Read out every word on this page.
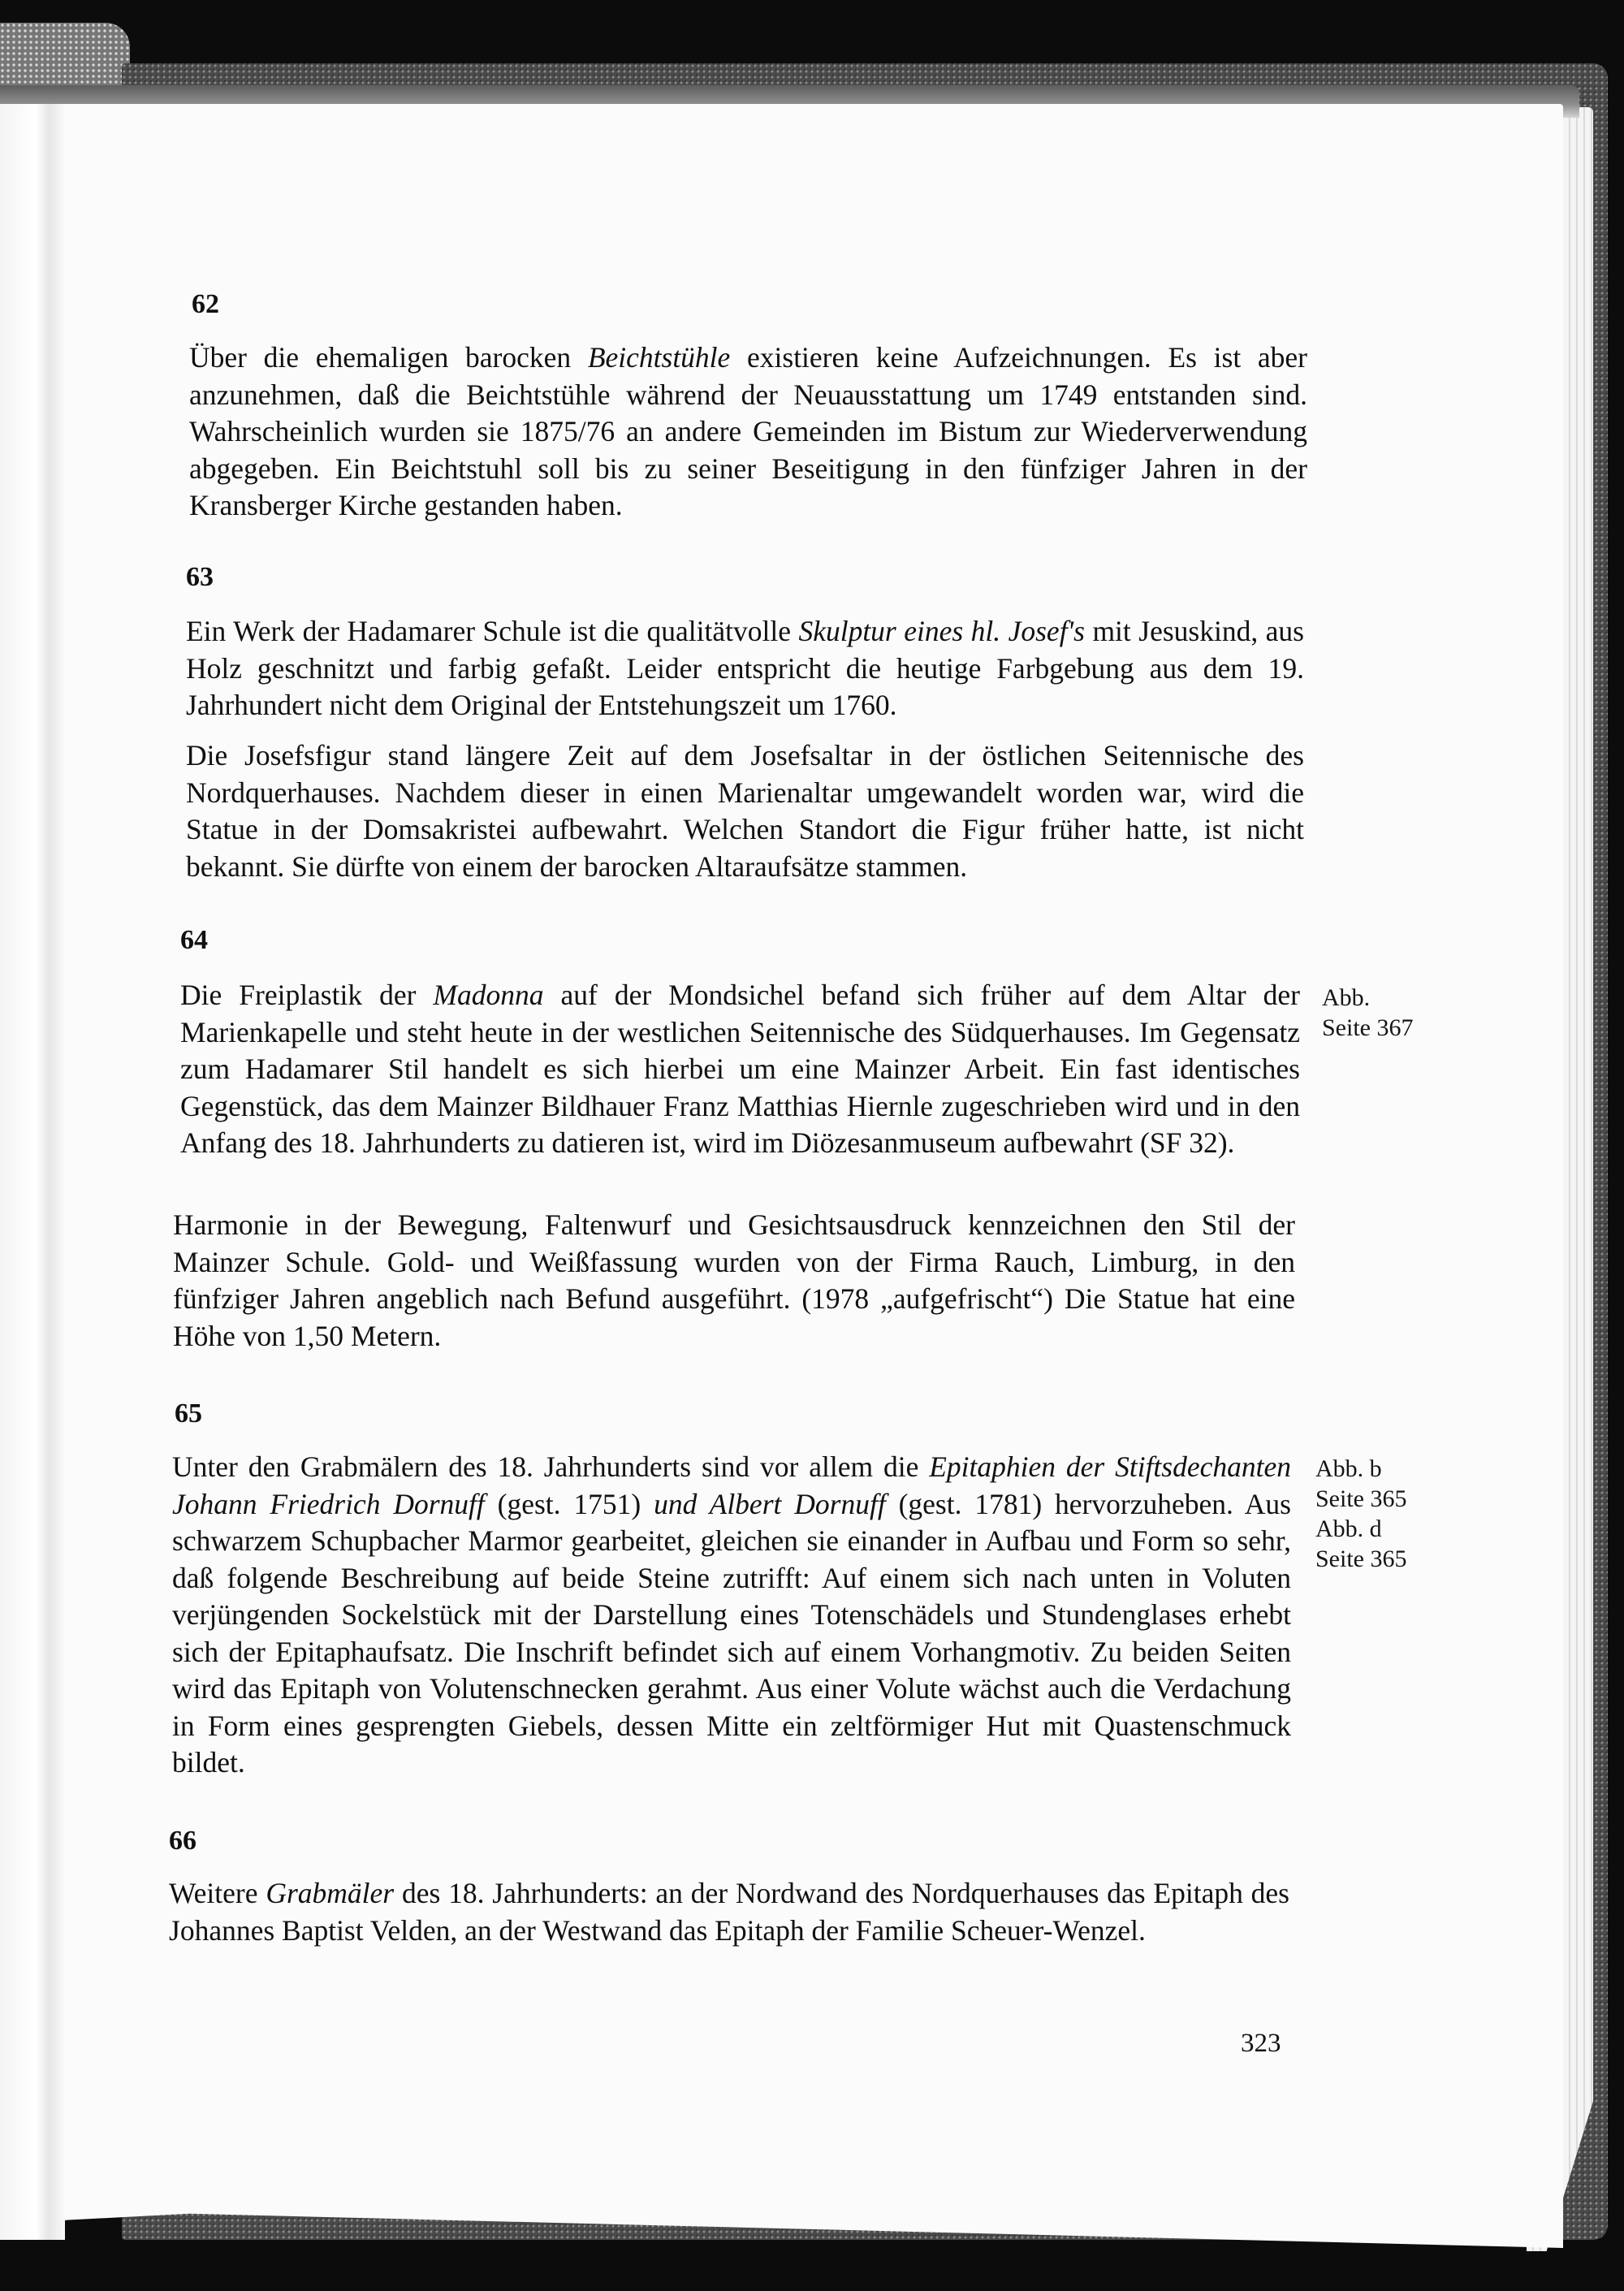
62
Über die ehemaligen barocken Beichtstühle existieren keine Aufzeichnungen. Es ist aber anzunehmen, daß die Beichtstühle während der Neuausstattung um 1749 entstanden sind. Wahrscheinlich wurden sie 1875/76 an andere Gemeinden im Bistum zur Wiederverwendung abgegeben. Ein Beichtstuhl soll bis zu seiner Beseitigung in den fünfziger Jahren in der Kransberger Kirche gestanden haben.
63
Ein Werk der Hadamarer Schule ist die qualitätvolle Skulptur eines hl. Josef's mit Jesuskind, aus Holz geschnitzt und farbig gefaßt. Leider entspricht die heutige Farbgebung aus dem 19. Jahrhundert nicht dem Original der Entstehungszeit um 1760.
Die Josefsfigur stand längere Zeit auf dem Josefsaltar in der östlichen Seitennische des Nordquerhauses. Nachdem dieser in einen Marienaltar umgewandelt worden war, wird die Statue in der Domsakristei aufbewahrt. Welchen Standort die Figur früher hatte, ist nicht bekannt. Sie dürfte von einem der barocken Altaraufsätze stammen.
64
Die Freiplastik der Madonna auf der Mondsichel befand sich früher auf dem Altar der Marienkapelle und steht heute in der westlichen Seitennische des Südquerhauses. Im Gegensatz zum Hadamarer Stil handelt es sich hierbei um eine Mainzer Arbeit. Ein fast identisches Gegenstück, das dem Mainzer Bildhauer Franz Matthias Hiernle zugeschrieben wird und in den Anfang des 18. Jahrhunderts zu datieren ist, wird im Diözesanmuseum aufbewahrt (SF 32).
Harmonie in der Bewegung, Faltenwurf und Gesichtsausdruck kennzeichnen den Stil der Mainzer Schule. Gold- und Weißfassung wurden von der Firma Rauch, Limburg, in den fünfziger Jahren angeblich nach Befund ausgeführt. (1978 „aufgefrischt“) Die Statue hat eine Höhe von 1,50 Metern.
Abb.
Seite 367
65
Unter den Grabmälern des 18. Jahrhunderts sind vor allem die Epitaphien der Stiftsdechanten Johann Friedrich Dornuff (gest. 1751) und Albert Dornuff (gest. 1781) hervorzuheben. Aus schwarzem Schupbacher Marmor gearbeitet, gleichen sie einander in Aufbau und Form so sehr, daß folgende Beschreibung auf beide Steine zutrifft: Auf einem sich nach unten in Voluten verjüngenden Sockelstück mit der Darstellung eines Totenschädels und Stundenglases erhebt sich der Epitaphaufsatz. Die Inschrift befindet sich auf einem Vorhangmotiv. Zu beiden Seiten wird das Epitaph von Volutenschnecken gerahmt. Aus einer Volute wächst auch die Verdachung in Form eines gesprengten Giebels, dessen Mitte ein zeltförmiger Hut mit Quastenschmuck bildet.
Abb. b
Seite 365
Abb. d
Seite 365
66
Weitere Grabmäler des 18. Jahrhunderts: an der Nordwand des Nordquerhauses das Epitaph des Johannes Baptist Velden, an der Westwand das Epitaph der Familie Scheuer-Wenzel.
323
